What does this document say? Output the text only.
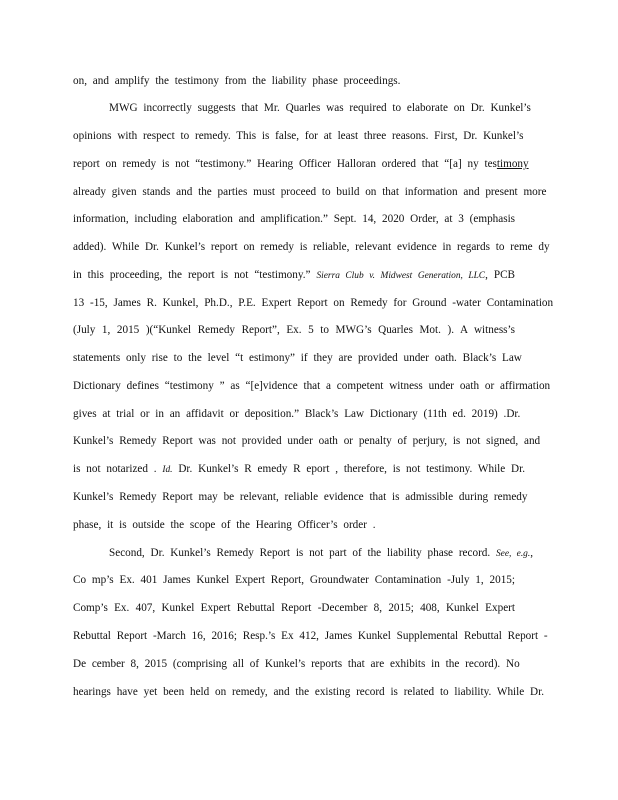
on, and amplify the testimony from the liability phase proceedings.
MWG incorrectly suggests that Mr. Quarles was required to elaborate on Dr. Kunkel’s
opinions with respect to remedy. This is false, for at least three reasons. First, Dr. Kunkel’s
report on remedy is not “testimony.” Hearing Officer Halloran ordered that “[a] ny testimony
already given stands and the parties must proceed to build on that information and present more
information, including elaboration and amplification.” Sept. 14, 2020 Order, at 3 (emphasis
added). While Dr. Kunkel’s report on remedy is reliable, relevant evidence in regards to reme dy
in this proceeding, the report is not “testimony.” Sierra Club v. Midwest Generation, LLC, PCB
13 -15, James R. Kunkel, Ph.D., P.E. Expert Report on Remedy for Ground -water Contamination
(July 1, 2015 )(“Kunkel Remedy Report”, Ex. 5 to MWG’s Quarles Mot. ). A witness’s
statements only rise to the level “t estimony” if they are provided under oath. Black’s Law
Dictionary defines “testimony ” as “[e]vidence that a competent witness under oath or affirmation
gives at trial or in an affidavit or deposition.” Black’s Law Dictionary (11th ed. 2019) .Dr.
Kunkel’s Remedy Report was not provided under oath or penalty of perjury, is not signed, and
is not notarized . Id. Dr. Kunkel’s R emedy R eport , therefore, is not testimony. While Dr.
Kunkel’s Remedy Report may be relevant, reliable evidence that is admissible during remedy
phase, it is outside the scope of the Hearing Officer’s order .
Second, Dr. Kunkel’s Remedy Report is not part of the liability phase record. See, e.g.,
Co mp’s Ex. 401 James Kunkel Expert Report, Groundwater Contamination -July 1, 2015;
Comp’s Ex. 407, Kunkel Expert Rebuttal Report -December 8, 2015; 408, Kunkel Expert
Rebuttal Report -March 16, 2016; Resp.’s Ex 412, James Kunkel Supplemental Rebuttal Report -
De cember 8, 2015 (comprising all of Kunkel’s reports that are exhibits in the record). No
hearings have yet been held on remedy, and the existing record is related to liability. While Dr.
